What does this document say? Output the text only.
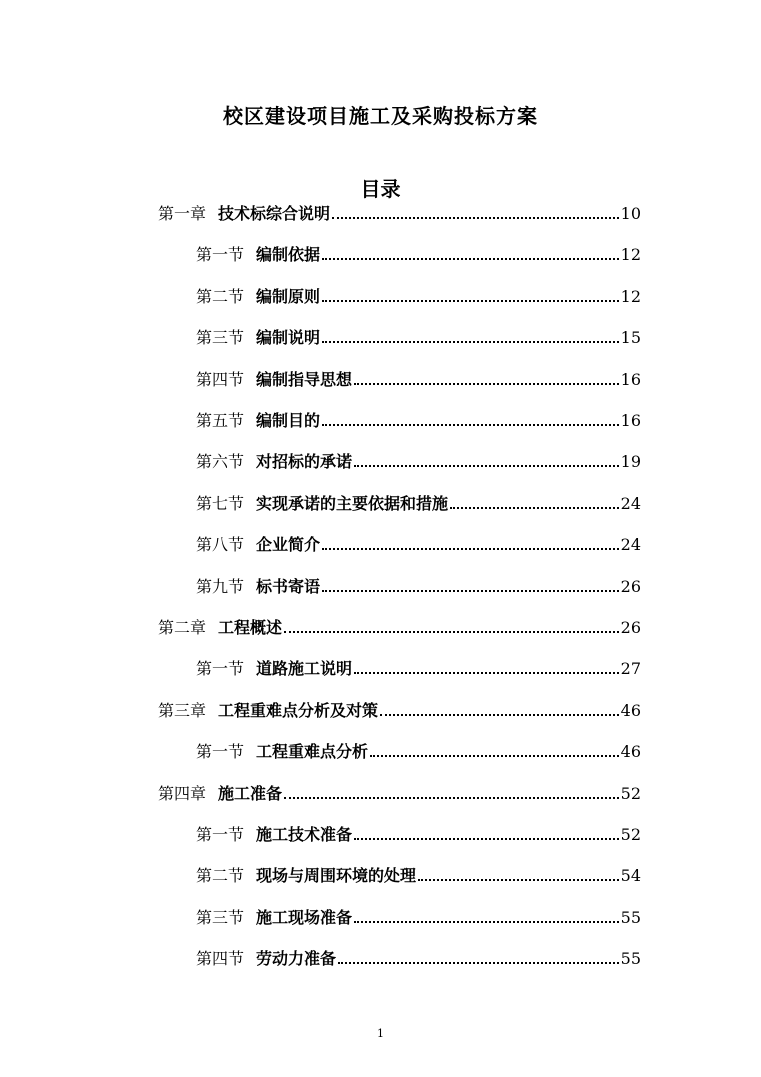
校区建设项目施工及采购投标方案
目录
第一章 技术标综合说明	10
第一节 编制依据	12
第二节 编制原则	12
第三节 编制说明	15
第四节 编制指导思想	16
第五节 编制目的	16
第六节 对招标的承诺	19
第七节 实现承诺的主要依据和措施	24
第八节 企业简介	24
第九节 标书寄语	26
第二章 工程概述	26
第一节 道路施工说明	27
第三章 工程重难点分析及对策	46
第一节 工程重难点分析	46
第四章 施工准备	52
第一节 施工技术准备	52
第二节 现场与周围环境的处理	54
第三节 施工现场准备	55
第四节 劳动力准备	55
1
